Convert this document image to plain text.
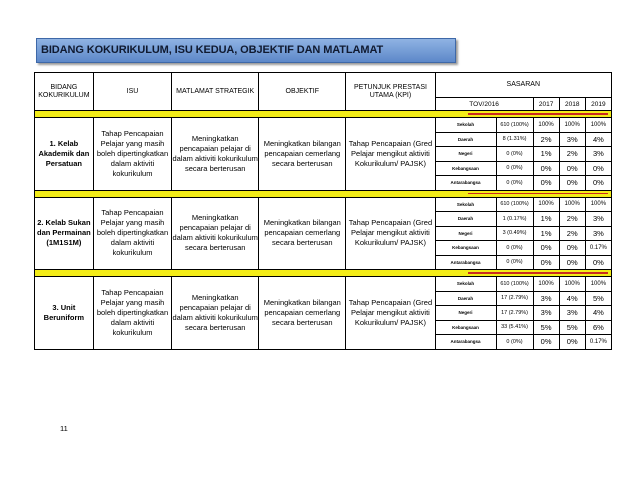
BIDANG KOKURIKULUM, ISU KEDUA, OBJEKTIF DAN MATLAMAT
BIDANG KOKURIKULUM	ISU	MATLAMAT STRATEGIK	OBJEKTIF	PETUNJUK PRESTASI UTAMA (KPI)	SASARAN				
					TOV/2016		2017	2018	2019

1. Kelab Akademik dan Persatuan	Tahap Pencapaian Pelajar yang masih boleh dipertingkatkan dalam aktiviti kokurikulum	Meningkatkan pencapaian pelajar di dalam aktiviti kokurikulum secara berterusan	Meningkatkan bilangan pencapaian cemerlang secara berterusan	Tahap Pencapaian (Gred Pelajar mengikut aktiviti Kokurikulum/ PAJSK)	Sekolah	610 (100%)	100%	100%	100%
					Daerah	8 (1.31%)	2%	3%	4%
					Negeri	0 (0%)	1%	2%	3%
					Kebangsaan	0 (0%)	0%	0%	0%
					Antarabangsa	0 (0%)	0%	0%	0%

2. Kelab Sukan dan Permainan (1M1S1M)	Tahap Pencapaian Pelajar yang masih boleh dipertingkatkan dalam aktiviti kokurikulum	Meningkatkan pencapaian pelajar di dalam aktiviti kokurikulum secara berterusan	Meningkatkan bilangan pencapaian cemerlang secara berterusan	Tahap Pencapaian (Gred Pelajar mengikut aktiviti Kokurikulum/ PAJSK)	Sekolah	610 (100%)	100%	100%	100%
					Daerah	1 (0.17%)	1%	2%	3%
					Negeri	3 (0.49%)	1%	2%	3%
					Kebangsaan	0 (0%)	0%	0%	0.17%
					Antarabangsa	0 (0%)	0%	0%	0%

3. Unit Beruniform	Tahap Pencapaian Pelajar yang masih boleh dipertingkatkan dalam aktiviti kokurikulum	Meningkatkan pencapaian pelajar di dalam aktiviti kokurikulum secara berterusan	Meningkatkan bilangan pencapaian cemerlang secara berterusan	Tahap Pencapaian (Gred Pelajar mengikut aktiviti Kokurikulum/ PAJSK)	Sekolah	610 (100%)	100%	100%	100%
					Daerah	17 (2.79%)	3%	4%	5%
					Negeri	17 (2.79%)	3%	3%	4%
					Kebangsaan	33 (5.41%)	5%	5%	6%
					Antarabangsa	0 (0%)	0%	0%	0.17%
11
